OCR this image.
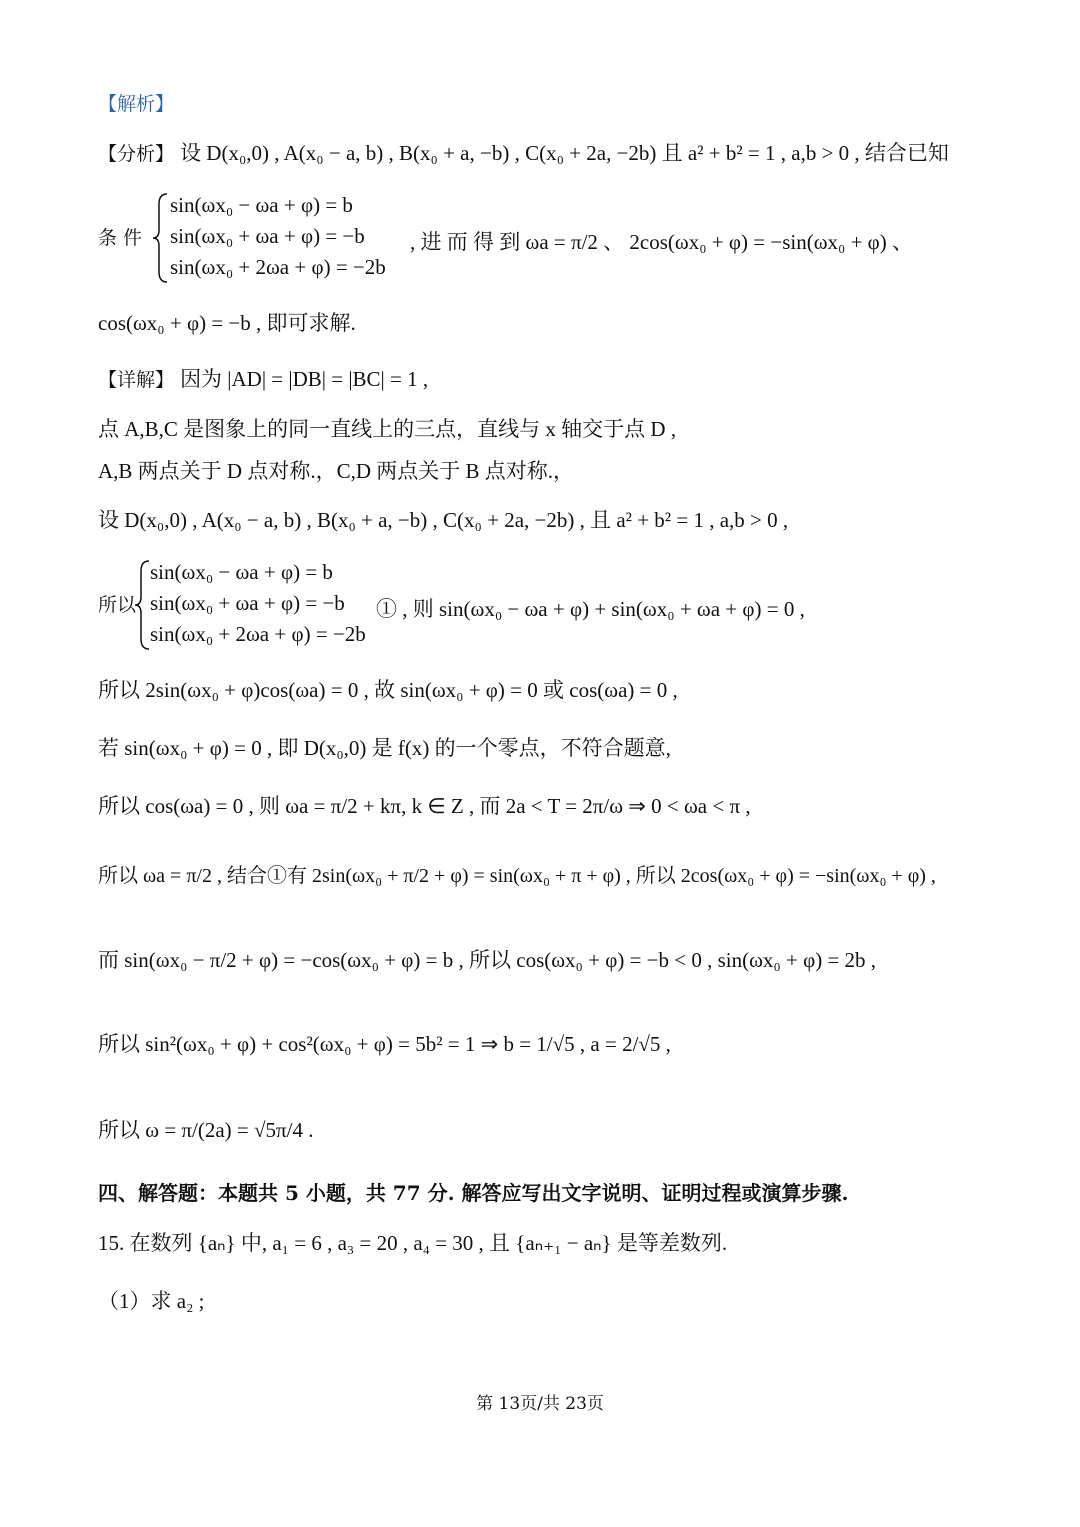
【解析】
【分析】 设 D(x₀,0) , A(x₀ − a, b) , B(x₀ + a, −b) , C(x₀ + 2a, −2b) 且 a² + b² = 1 , a,b > 0 , 结合已知
条 件
sin(ωx₀ − ωa + φ) = b
sin(ωx₀ + ωa + φ) = −b
sin(ωx₀ + 2ωa + φ) = −2b
, 进 而 得 到 ωa = π/2 、 2cos(ωx₀ + φ) = −sin(ωx₀ + φ) 、
cos(ωx₀ + φ) = −b , 即可求解.
【详解】 因为 |AD| = |DB| = |BC| = 1 ,
点 A,B,C 是图象上的同一直线上的三点，直线与 x 轴交于点 D ,
A,B 两点关于 D 点对称.，C,D 两点关于 B 点对称.，
设 D(x₀,0) , A(x₀ − a, b) , B(x₀ + a, −b) , C(x₀ + 2a, −2b) , 且 a² + b² = 1 , a,b > 0 ,
所以
sin(ωx₀ − ωa + φ) = b
sin(ωx₀ + ωa + φ) = −b
sin(ωx₀ + 2ωa + φ) = −2b
① , 则 sin(ωx₀ − ωa + φ) + sin(ωx₀ + ωa + φ) = 0 ,
所以 2sin(ωx₀ + φ)cos(ωa) = 0 , 故 sin(ωx₀ + φ) = 0 或 cos(ωa) = 0 ,
若 sin(ωx₀ + φ) = 0 , 即 D(x₀,0) 是 f(x) 的一个零点，不符合题意,
所以 cos(ωa) = 0 , 则 ωa = π/2 + kπ, k ∈ Z , 而 2a < T = 2π/ω ⇒ 0 < ωa < π ,
所以 ωa = π/2 , 结合①有 2sin(ωx₀ + π/2 + φ) = sin(ωx₀ + π + φ) , 所以 2cos(ωx₀ + φ) = −sin(ωx₀ + φ) ,
而 sin(ωx₀ − π/2 + φ) = −cos(ωx₀ + φ) = b , 所以 cos(ωx₀ + φ) = −b < 0 , sin(ωx₀ + φ) = 2b ,
所以 sin²(ωx₀ + φ) + cos²(ωx₀ + φ) = 5b² = 1 ⇒ b = 1/√5 , a = 2/√5 ,
所以 ω = π/(2a) = √5π/4 .
四、解答题：本题共 5 小题，共 77 分. 解答应写出文字说明、证明过程或演算步骤.
15. 在数列 {aₙ} 中, a₁ = 6 , a₃ = 20 , a₄ = 30 , 且 {aₙ₊₁ − aₙ} 是等差数列.
（1）求 a₂ ;
第 13页/共 23页
